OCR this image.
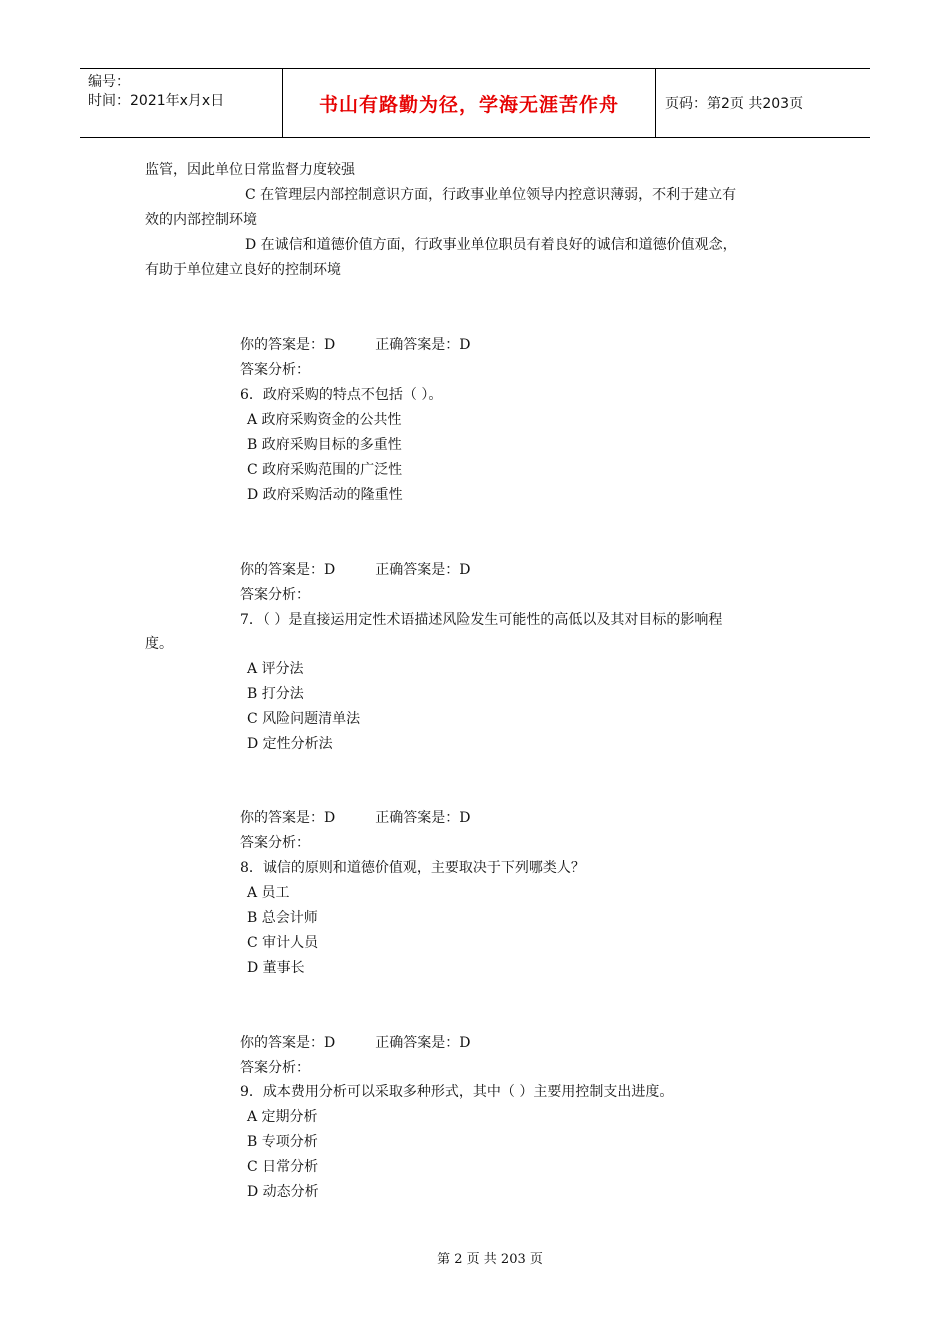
编号：
时间：2021年x月x日	书山有路勤为径，学海无涯苦作舟	页码：第2页 共203页
监管，因此单位日常监督力度较强
C 在管理层内部控制意识方面，行政事业单位领导内控意识薄弱，不利于建立有
效的内部控制环境
D 在诚信和道德价值方面，行政事业单位职员有着良好的诚信和道德价值观念，
有助于单位建立良好的控制环境
你的答案是：D	正确答案是：D
答案分析：
6．政府采购的特点不包括（ ）。
A 政府采购资金的公共性
B 政府采购目标的多重性
C 政府采购范围的广泛性
D 政府采购活动的隆重性
你的答案是：D	正确答案是：D
答案分析：
7．（ ）是直接运用定性术语描述风险发生可能性的高低以及其对目标的影响程
度。
A 评分法
B 打分法
C 风险问题清单法
D 定性分析法
你的答案是：D	正确答案是：D
答案分析：
8．诚信的原则和道德价值观，主要取决于下列哪类人？
A 员工
B 总会计师
C 审计人员
D 董事长
你的答案是：D	正确答案是：D
答案分析：
9．成本费用分析可以采取多种形式，其中（ ）主要用控制支出进度。
A 定期分析
B 专项分析
C 日常分析
D 动态分析
第 2 页 共 203 页
